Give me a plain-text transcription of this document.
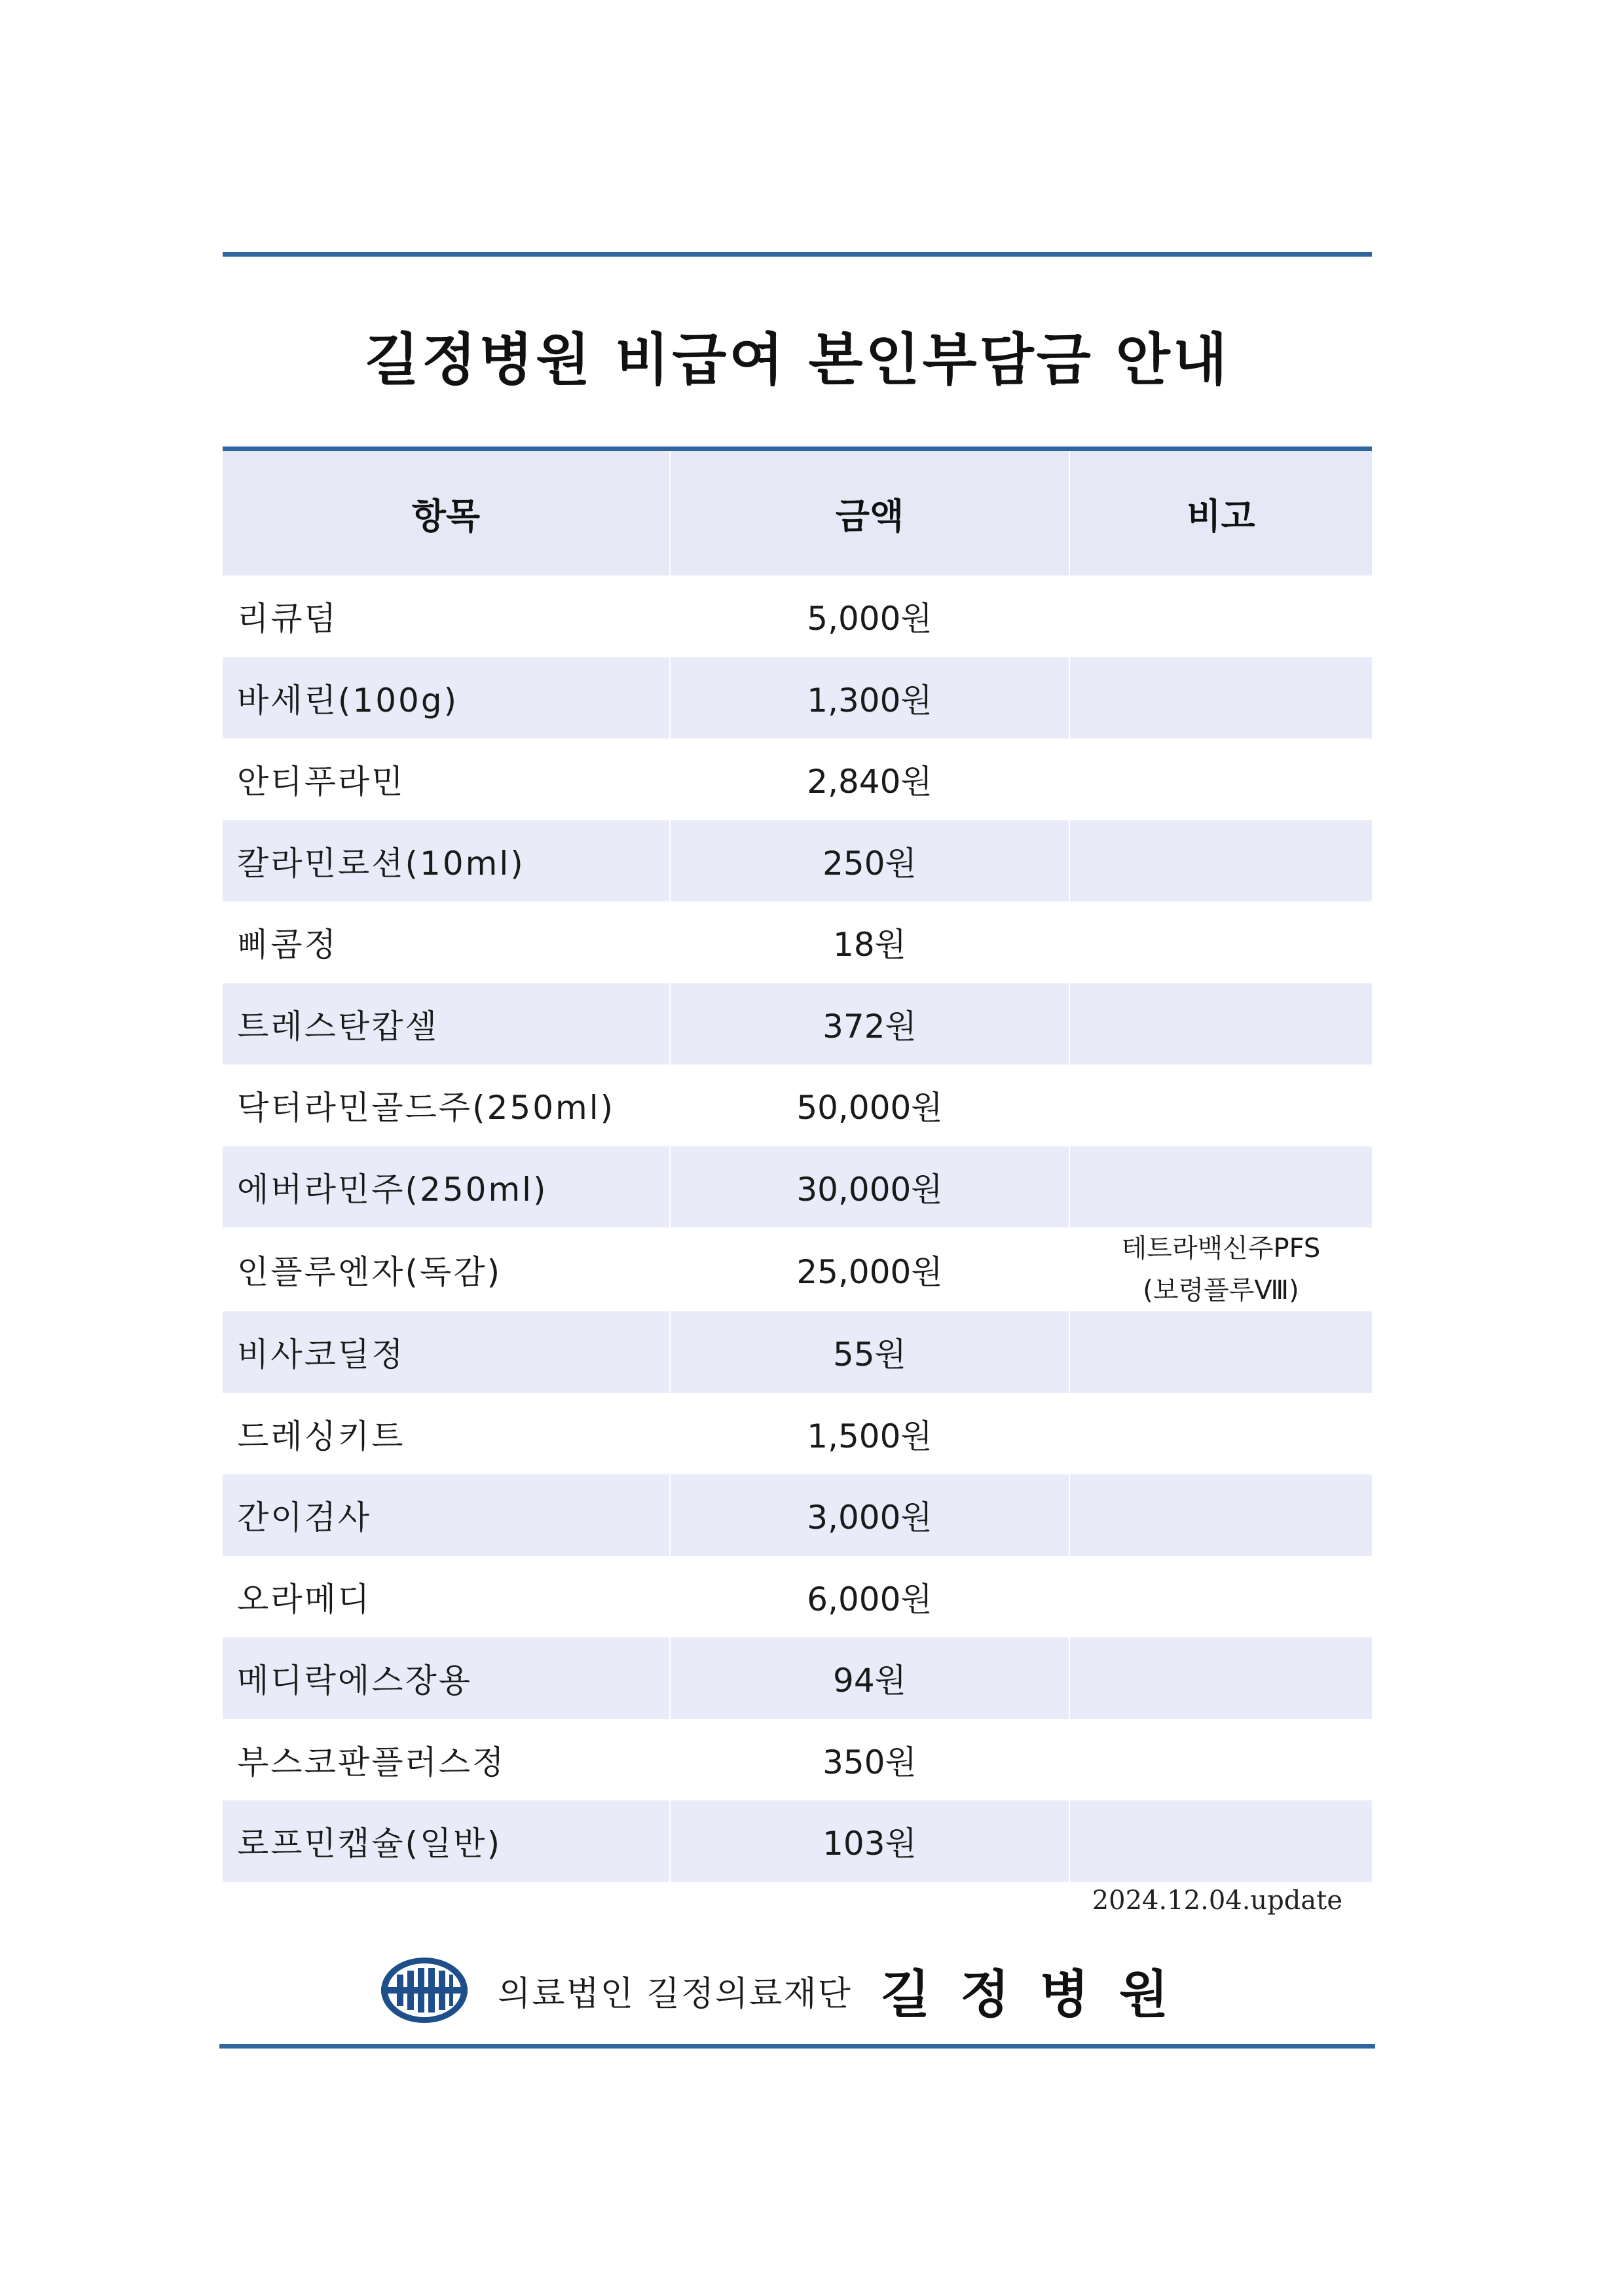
길정병원 비급여 본인부담금 안내
항목	금액	비고
리큐덤	5,000원	
바세린(100g)	1,300원	
안티푸라민	2,840원	
칼라민로션(10ml)	250원	
삐콤정	18원	
트레스탄캅셀	372원	
닥터라민골드주(250ml)	50,000원	
에버라민주(250ml)	30,000원	
인플루엔자(독감)	25,000원	테트라백신주PFS
(보령플루Ⅷ)

비사코딜정	55원	
드레싱키트	1,500원	
간이검사	3,000원	
오라메디	6,000원	
메디락에스장용	94원	
부스코판플러스정	350원	
로프민캡슐(일반)	103원	
2024.12.04.update
의료법인 길정의료재단 길정병원
